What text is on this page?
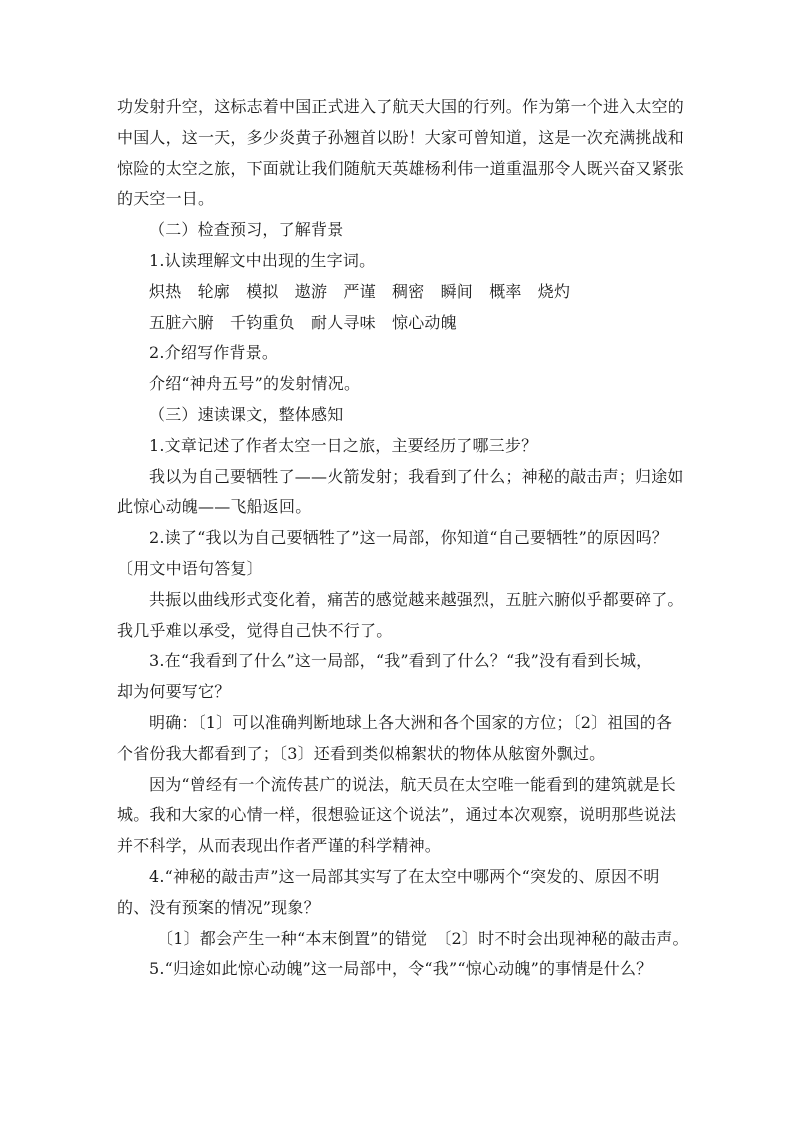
功发射升空，这标志着中国正式进入了航天大国的行列。作为第一个进入太空的
中国人，这一天，多少炎黄子孙翘首以盼！大家可曾知道，这是一次充满挑战和
惊险的太空之旅，下面就让我们随航天英雄杨利伟一道重温那令人既兴奋又紧张
的天空一日。
（二）检查预习，了解背景
1.认读理解文中出现的生字词。
炽热　轮廓　模拟　遨游　严谨　稠密　瞬间　概率　烧灼
五脏六腑　千钧重负　耐人寻味　惊心动魄
2.介绍写作背景。
介绍“神舟五号”的发射情况。
（三）速读课文，整体感知
1.文章记述了作者太空一日之旅，主要经历了哪三步？
我以为自己要牺牲了——火箭发射；我看到了什么；神秘的敲击声；归途如
此惊心动魄——飞船返回。
2.读了“我以为自己要牺牲了”这一局部，你知道“自己要牺牲”的原因吗？
〔用文中语句答复〕
共振以曲线形式变化着，痛苦的感觉越来越强烈，五脏六腑似乎都要碎了。
我几乎难以承受，觉得自己快不行了。
3.在“我看到了什么”这一局部，“我”看到了什么？“我”没有看到长城，
却为何要写它？
明确：〔1〕可以准确判断地球上各大洲和各个国家的方位；〔2〕祖国的各
个省份我大都看到了；〔3〕还看到类似棉絮状的物体从舷窗外飘过。
因为“曾经有一个流传甚广的说法，航天员在太空唯一能看到的建筑就是长
城。我和大家的心情一样，很想验证这个说法”，通过本次观察，说明那些说法
并不科学，从而表现出作者严谨的科学精神。
4.“神秘的敲击声”这一局部其实写了在太空中哪两个“突发的、原因不明
的、没有预案的情况”现象？
〔1〕都会产生一种“本末倒置”的错觉　〔2〕时不时会出现神秘的敲击声。
5.“归途如此惊心动魄”这一局部中，令“我”“惊心动魄”的事情是什么？
